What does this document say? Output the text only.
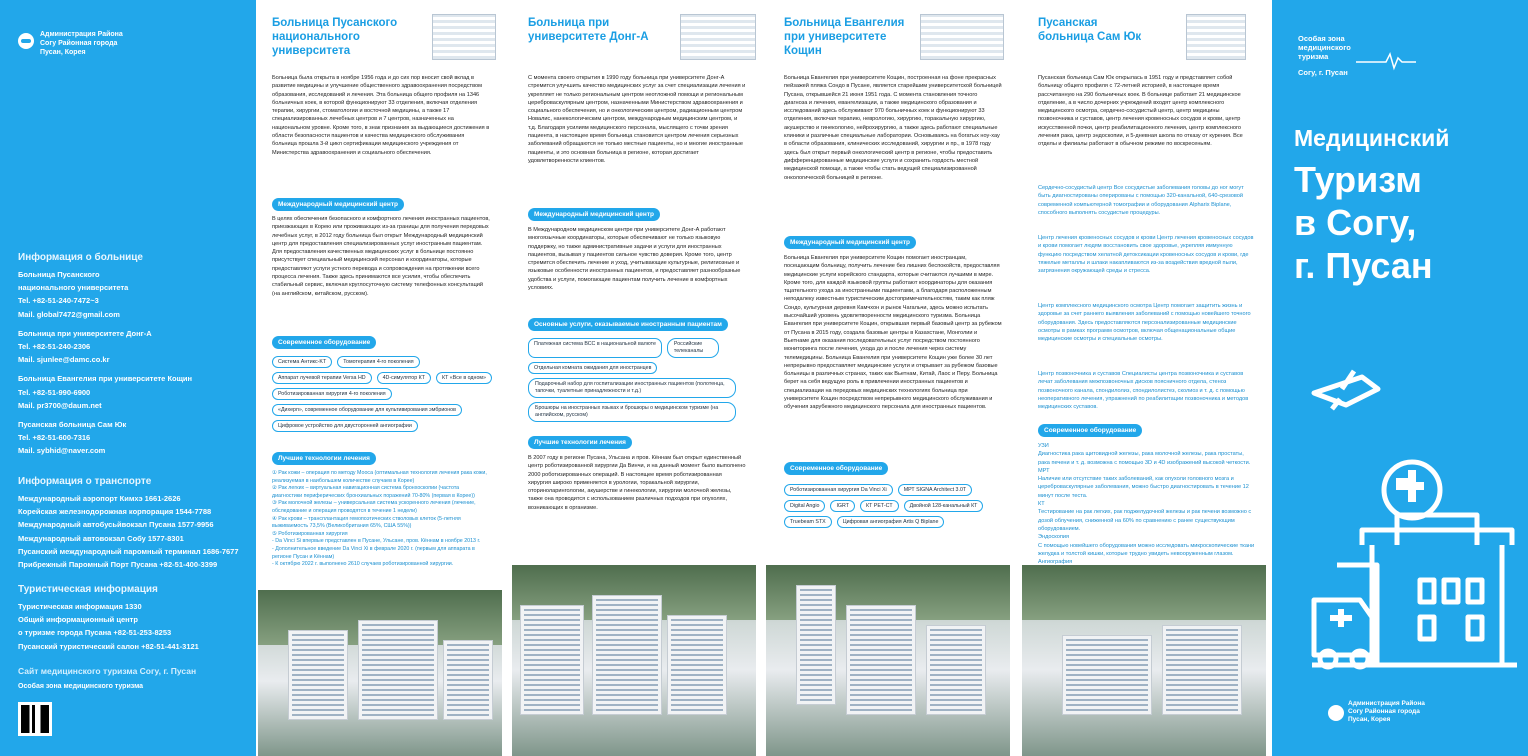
Администрация Района
Согу Районная города
Пусан, Корея
Информация о больнице

Больница Пусанского
национального университета
Tel. +82-51-240-7472~3
Mail. global7472@gmail.com

Больница при университете Донг-А
Tel. +82-51-240-2306
Mail. sjunlee@damc.co.kr

Больница Евангелия при университете Кощин
Tel. +82-51-990-6900
Mail. pr3700@daum.net

Пусанская больница Сам Юк
Tel. +82-51-600-7316
Mail. sybhid@naver.com

Информация о транспорте

Международный аэропорт Кимхэ 1661-2626
Корейская железнодорожная корпорация 1544-7788
Международный автобусьйвокзал Пусана 1577-9956
Международный автовокзал Собу 1577-8301
Пусанский международный паромный терминал 1686-7677
Прибрежный Паромный Порт Пусана +82-51-400-3399

Туристическая информация

Туристическая информация 1330
Общий информационный центр
о туризме города Пусана +82-51-253-8253
Пусанский туристический салон +82-51-441-3121

Сайт медицинского туризма Согу, г. Пусан
Особая зона медицинского туризма
Больница Пусанского
национального
университета
Больница была открыта в ноябре 1956 года и до сих пор вносит свой вклад в развитие медицины и улучшение общественного здравоохранения посредством образования, исследований и лечения. Эта больница общего профиля на 1346 больничных коек, в которой функционируют 33 отделения, включая отделения терапии, хирургии, стоматологии и восточной медицины, а также 17 специализированных лечебных центров и 7 центров, назначенных на национальном уровне. Кроме того, в знак признания за выдающиеся достижения в области безопасности пациентов и качества медицинского обслуживания больница прошла 3-й цикл сертификации медицинского учреждения от Министерства здравоохранения и социального обеспечения.
Международный медицинский центр
В целях обеспечения безопасного и комфортного лечения иностранных пациентов, приезжающих в Корею или проживающих из-за границы для получения передовых лечебных услуг, в 2012 году больница был открыт Международный медицинский центр для предоставления специализированных услуг иностранным пациентам. Для предоставления качественных медицинских услуг в больнице постоянно присутствует специальный медицинский персонал и координаторы, которые предоставляют услуги устного перевода и сопровождения на протяжении всего процесса лечения. Также здесь принимаются все усилия, чтобы обеспечить стабильный сервис, включая круглосуточную систему телефонных консультаций (на английском, китайском, русском).
Современное оборудование
Система Антикс-KT	Томотерапия 4-го поколения
Аппарат лучевой терапии Versa HD	4D-симулятор КТ	КТ «Все в одном»
Роботизированная хирургия 4-го поколения
«Дихерп», современное оборудование для культивирования эмбрионов
Цифровое устройство для двусторонней ангиографии
Лучшие технологии лечения
① Рак кожи – операция по методу Мооса (оптимальная технология лечения рака кожи, реализуемая в наибольшем количестве случаев в Корее)
② Рак легких – виртуальная навигационная система бронхоскопии (частота диагностики периферических бронхиальных поражений 70-80% (первая в Корее))
③ Рак молочной железы – универсальная система ускоренного лечения (лечение, обследование и операция проводятся в течение 1 недели)
④ Рак крови – трансплантация гемопоэтических стволовых клеток (5-летняя выживаемость 73,5% (Великобритания 65%, США 55%))
⑤ Роботизированная хирургия
- Da Vinci Si впервые представлен в Пусане, Ульсане, пров. Кённам в ноябре 2013 г.
- Дополнительное введение Da Vinci Xi в феврале 2020 г. (первым для аппарата в регионе Пусан и Кённам)
- К октябрю 2022 г. выполнено 2610 случаев роботизированной хирургии.
Больница при
университете Донг-А
С момента своего открытия в 1990 году больница при университете Донг-А стремится улучшить качество медицинских услуг за счет специализации лечения и укрепляет не только региональным центром неотложной помощи и региональным цереброваскулярным центром, назначенными Министерством здравоохранения и социального обеспечения, но и онкологическим центром, радиационным центром Новалис, нанекологическим центром, международным медицинским центром, и т.д. Благодаря усилиям медицинского персонала, мыслящего с точки зрения пациента, в настоящее время больница становится центром лечения серьезных заболеваний обращаются не только местные пациенты, но и многие иностранные пациенты, и это основная больница в регионе, которая достигает удовлетворенности клиентов.
Международный медицинский центр
В Международном медицинском центре при университете Донг-А работают многоязычные координаторы, которые обеспечивают не только языковую поддержку, но также административные задачи и услуги для иностранных пациентов, вызывая у пациентов сильное чувство доверия. Кроме того, центр стремится обеспечить лечение и уход, учитывающие культурные, религиозные и языковые особенности иностранных пациентов, и предоставляет разнообразные удобства и услуги, помогающие пациентам получить лечение в комфортных условиях.
Основные услуги, оказываемые иностранным пациентам
Платежная система ВСС в национальной валюте	Российские телеканалы
Отдельная комната ожидания для иностранцев
Подарочный набор для госпитализации иностранных пациентов (полотенца, тапочки, туалетные принадлежности и т.д.)
Брошюры на иностранных языках и брошюры о медицинском туризме (на английском, русском)
Лучшие технологии лечения
В 2007 году в регионе Пусана, Ульсана и пров. Кённам был открыт единственный центр роботизированной хирургии Да Винчи, и на данный момент было выполнено 2000 роботизированных операций. В настоящее время роботизированная хирургия широко применяется в урологии, торакальной хирургии, оториноларингологии, акушерстве и гинекологии, хирургии молочной железы, также она проводится с использованием различных подходов при опухолях, возникающих в организме.
Больница Евангелия
при университете
Кощин
Больница Евангелия при университете Кощин, построенная на фоне прекрасных пейзажей пляжа Сондо в Пусане, является старейшим университетской больницей Пусана, открывшейся 21 июня 1951 года. С момента становления точного диагноза и лечения, евангелизации, а также медицинского образования и исследований здесь обслуживают 970 больничных коек и функционируют 33 отделения, включая терапию, неврологию, хирургию, торакальную хирургию, акушерство и гинекологию, нейрохирургию, а также здесь работают специальные клиники и различные специальные лаборатории. Основываясь на богатых ноу-хау в области образования, клинических исследований, хирургии и пр., в 1978 году здесь был открыт первый онкологический центр в регионе, чтобы предоставить дифференцированные медицинские услуги и сохранить гордость местной медицинской помощи, а также чтобы стать ведущей специализированной онкологической больницей в регионе.
Международный медицинский центр
Больница Евангелия при университете Кощин помогает иностранцам, посещающим больницу, получить лечение без лишних беспокойств, предоставляя медицинские услуги корейского стандарта, которые считаются лучшими в мире. Кроме того, для каждой языковой группы работают координаторы для оказания тщательного ухода за иностранными пациентами, а благодаря расположенным неподалеку известным туристическим достопримечательностям, таким как пляж Сондо, культурная деревня Камчхон и рынок Чагальчи, здесь можно испытать высочайший уровень удовлетворенности медицинского туризма. Больница Евангелия при университете Кощин, открывшая первый базовый центр за рубежом от Пусана в 2015 году, создала базовые центры в Казахстане, Монголии и Вьетнаме для оказания последовательных услуг посредством постоянного мониторинга после лечения, ухода до и после лечения через систему телемедицины. Больница Евангелия при университете Кощин уже более 30 лет непрерывно предоставляет медицинские услуги и открывает за рубежом базовые больницы в различных странах, таких как Вьетнам, Китай, Лаос и Перу. Больница берет на себя ведущую роль в привлечении иностранных пациентов и специализации на передовых медицинских технологиях больница при университете Кощин посредством непрерывного медицинского обслуживания и обучения зарубежного медицинского персонала для иностранных пациентов.
Современное оборудование
Роботизированная хирургия Da Vinci Xi	МРТ SIGNA Architect 3.0T
Digital Angio	IGRT	КТ PET-CT	Двойной 128-канальный КТ
Truebeam STX	Цифровая ангиография Artis Q Biplane
Пусанская
больница Сам Юк
Пусанская больница Сам Юк открылась в 1951 году и представляет собой больницу общего профиля с 72-летней историей, в настоящее время рассчитанную на 290 больничных коек. В больнице работает 21 медицинское отделение, а в число дочерних учреждений входят центр комплексного медицинского осмотра, сердечно-сосудистый центр, центр медицины позвоночника и суставов, центр лечения кровеносных сосудов и крови, центр искусственной почки, центр реабилитационного лечения, центр комплексного лечения рака, центр эндоскопии, и 5-дневная школа по отказу от курения. Все отделы и филиалы работают в обычном режиме по воскресеньям.
Сердечно-сосудистый центр Все сосудистые заболевания головы до ног могут быть диагностированы оперированы с помощью 320-канальной, 640-срезовой современной компьютерной томографии и оборудования Alpharix Biplane, способного выполнять сосудистые процедуры.
Центр лечения кровеносных сосудов и крови Центр лечения кровеносных сосудов и крови помогает людям восстановить свое здоровье, укрепляя иммунную функцию посредством хелатной детоксикации кровеносных сосудов и крови, где тяжелые металлы и шлаки накапливаются из-за воздействия вредной пыли, загрязнения окружающей среды и стресса.
Центр комплексного медицинского осмотра Центр помогает защитить жизнь и здоровье за счет раннего выявления заболеваний с помощью новейшего точного оборудования. Здесь предоставляются персонализированные медицинские осмотры в рамках программ осмотров, включая общенациональные общие медицинские осмотры и специальные осмотры.
Центр позвоночника и суставов Специалисты центра позвоночника и суставов лечат заболевания межпозвоночных дисков поясничного отдела, стеноз позвоночного канала, спондилолиз, спондилолистез, сколиоз и т. д. с помощью неоперативного лечения, упражнений по реабилитации позвоночника и методов медицинских суставов.
Современное оборудование
УЗИ
Диагностика рака щитовидной железы, рака молочной железы, рака простаты, рака печени и т. д. возможна с помощью 3D и 4D изображений высокой четкости.
МРТ
Наличие или отсутствие таких заболеваний, как опухоли головного мозга и цереброваскулярные заболевания, можно быстро диагностировать в течение 12 минут после теста.
КТ
Тестирование на рак легких, рак поджелудочной железы и рак печени возможно с дозой облучения, сниженной на 60% по сравнению с ранее существующим оборудованием.
Эндоскопия
С помощью новейшего оборудования можно исследовать микроскопические ткани желудка и толстой кишки, которые трудно увидеть невооруженным глазом.
Ангиография

Особая зона
медицинского
туризма
Согу, г. Пусан
Медицинский
Туризм
в Согу,
г. Пусан
Администрация Района
Согу Районная города
Пусан, Корея
